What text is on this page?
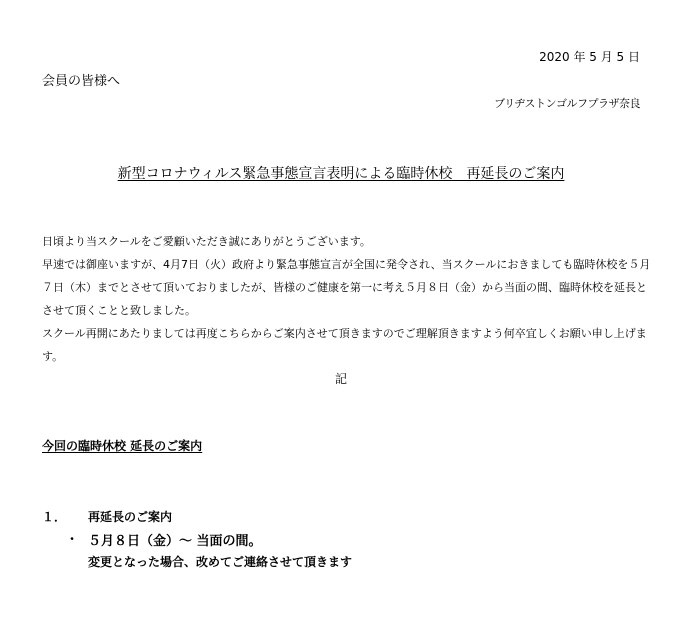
2020 年 5 月 5 日
会員の皆様へ
ブリヂストンゴルフプラザ奈良
新型コロナウィルス緊急事態宣言表明による臨時休校　再延長のご案内

日頃より当スクールをご愛顧いただき誠にありがとうございます。

早速では御座いますが、4月7日（火）政府より緊急事態宣言が全国に発令され、当スクールにおきましても臨時休校を５月７日（木）までとさせて頂いておりましたが、皆様のご健康を第一に考え５月８日（金）から当面の間、臨時休校を延長とさせて頂くことと致しました。

スクール再開にあたりましては再度こちらからご案内させて頂きますのでご理解頂きますよう何卒宜しくお願い申し上げます。

記
今回の臨時休校 延長のご案内
１． 再延長のご案内
・ ５月８日（金）～ 当面の間。
変更となった場合、改めてご連絡させて頂きます
